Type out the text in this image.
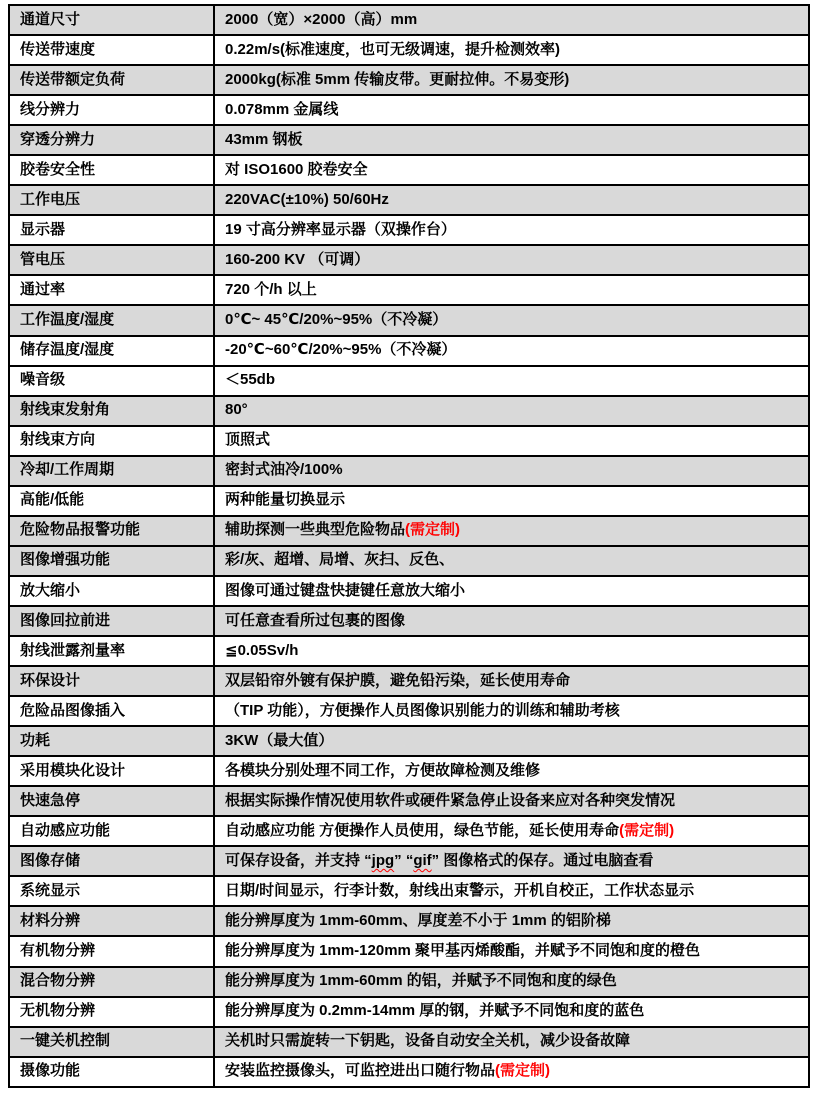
通道尺寸	2000（宽）×2000（高）mm
传送带速度	0.22m/s(标准速度，也可无级调速，提升检测效率)
传送带额定负荷	2000kg(标准 5mm 传输皮带。更耐拉伸。不易变形)
线分辨力	0.078mm 金属线
穿透分辨力	43mm 钢板
胶卷安全性	对 ISO1600 胶卷安全
工作电压	220VAC(±10%) 50/60Hz
显示器	19 寸高分辨率显示器（双操作台）
管电压	160-200 KV （可调）
通过率	720 个/h 以上
工作温度/湿度	0℃~ 45℃/20%~95%（不冷凝）
储存温度/湿度	-20℃~60℃/20%~95%（不冷凝）
噪音级	＜55db
射线束发射角	80°
射线束方向	顶照式
冷却/工作周期	密封式油冷/100%
高能/低能	两种能量切换显示
危险物品报警功能	辅助探测一些典型危险物品(需定制)
图像增强功能	彩/灰、超增、局增、灰扫、反色、
放大缩小	图像可通过键盘快捷键任意放大缩小
图像回拉前进	可任意查看所过包裹的图像
射线泄露剂量率	≦0.05Sv/h
环保设计	双层铅帘外镀有保护膜，避免铅污染，延长使用寿命
危险品图像插入	（TIP 功能），方便操作人员图像识别能力的训练和辅助考核
功耗	3KW（最大值）
采用模块化设计	各模块分别处理不同工作，方便故障检测及维修
快速急停	根据实际操作情况使用软件或硬件紧急停止设备来应对各种突发情况
自动感应功能	自动感应功能 方便操作人员使用，绿色节能，延长使用寿命(需定制)
图像存储	可保存设备，并支持 “jpg” “gif” 图像格式的保存。通过电脑查看
系统显示	日期/时间显示，行李计数，射线出束警示，开机自校正，工作状态显示
材料分辨	能分辨厚度为 1mm-60mm、厚度差不小于 1mm 的铝阶梯
有机物分辨	能分辨厚度为 1mm-120mm 聚甲基丙烯酸酯，并赋予不同饱和度的橙色
混合物分辨	能分辨厚度为 1mm-60mm 的铝，并赋予不同饱和度的绿色
无机物分辨	能分辨厚度为 0.2mm-14mm 厚的钢，并赋予不同饱和度的蓝色
一键关机控制	关机时只需旋转一下钥匙，设备自动安全关机，减少设备故障
摄像功能	安装监控摄像头，可监控进出口随行物品(需定制)
